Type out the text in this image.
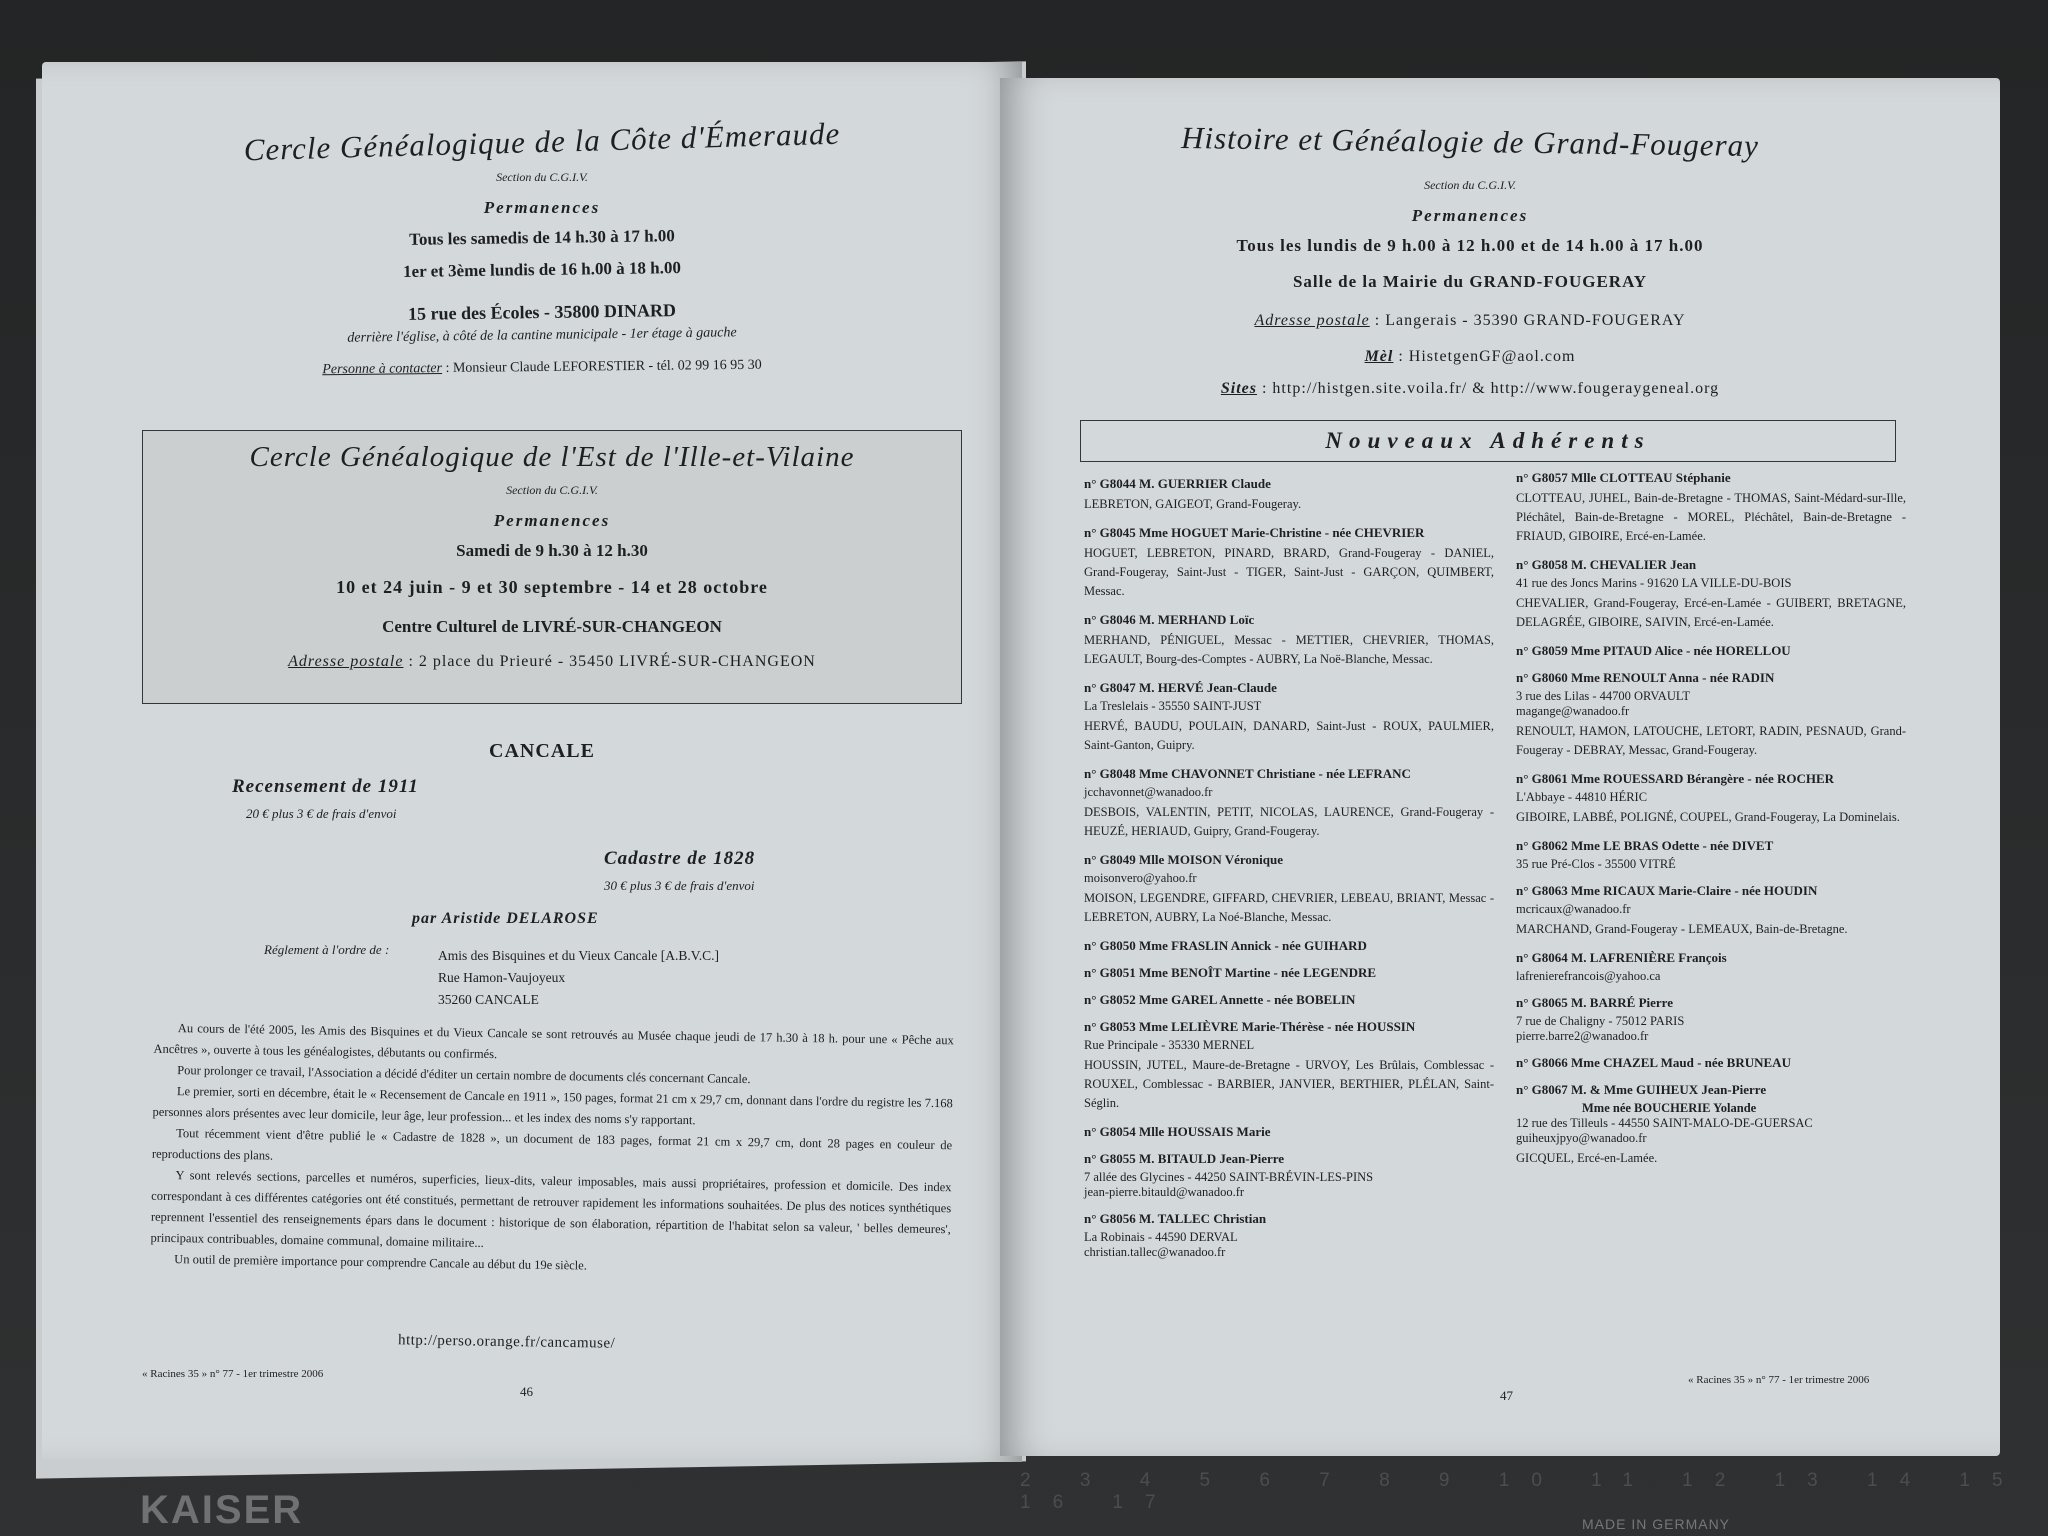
2 3 4 5 6 7 8 9 10 11 12 13 14 15 16 17
KAISER	MADE IN GERMANY
Cercle Généalogique de la Côte d'Émeraude
Section du C.G.I.V.
Permanences
Tous les samedis de 14 h.30 à 17 h.00
1er et 3ème lundis de 16 h.00 à 18 h.00
15 rue des Écoles - 35800 DINARD
derrière l'église, à côté de la cantine municipale - 1er étage à gauche
Personne à contacter : Monsieur Claude LEFORESTIER - tél. 02 99 16 95 30
Cercle Généalogique de l'Est de l'Ille-et-Vilaine
Section du C.G.I.V.
Permanences
Samedi de 9 h.30 à 12 h.30
10 et 24 juin - 9 et 30 septembre - 14 et 28 octobre
Centre Culturel de LIVRÉ-SUR-CHANGEON
Adresse postale : 2 place du Prieuré - 35450 LIVRÉ-SUR-CHANGEON
CANCALE
Recensement de 1911
20 € plus 3 € de frais d'envoi
Cadastre de 1828
30 € plus 3 € de frais d'envoi
par Aristide DELAROSE
Réglement à l'ordre de :	Amis des Bisquines et du Vieux Cancale [A.B.V.C.]
Rue Hamon-Vaujoyeux
35260 CANCALE

Au cours de l'été 2005, les Amis des Bisquines et du Vieux Cancale se sont retrouvés au Musée chaque jeudi de 17 h.30 à 18 h. pour une « Pêche aux Ancêtres », ouverte à tous les généalogistes, débutants ou confirmés.

Pour prolonger ce travail, l'Association a décidé d'éditer un certain nombre de documents clés concernant Cancale.

Le premier, sorti en décembre, était le « Recensement de Cancale en 1911 », 150 pages, format 21 cm x 29,7 cm, donnant dans l'ordre du registre les 7.168 personnes alors présentes avec leur domicile, leur âge, leur profession... et les index des noms s'y rapportant.

Tout récemment vient d'être publié le « Cadastre de 1828 », un document de 183 pages, format 21 cm x 29,7 cm, dont 28 pages en couleur de reproductions des plans.

Y sont relevés sections, parcelles et numéros, superficies, lieux-dits, valeur imposables, mais aussi propriétaires, profession et domicile. Des index correspondant à ces différentes catégories ont été constitués, permettant de retrouver rapidement les informations souhaitées. De plus des notices synthétiques reprennent l'essentiel des renseignements épars dans le document : historique de son élaboration, répartition de l'habitat selon sa valeur, ' belles demeures', principaux contribuables, domaine communal, domaine militaire...

Un outil de première importance pour comprendre Cancale au début du 19e siècle.

http://perso.orange.fr/cancamuse/
« Racines 35 » n° 77 - 1er trimestre 2006
46
Histoire et Généalogie de Grand-Fougeray
Section du C.G.I.V.
Permanences
Tous les lundis de 9 h.00 à 12 h.00 et de 14 h.00 à 17 h.00
Salle de la Mairie du GRAND-FOUGERAY
Adresse postale : Langerais - 35390 GRAND-FOUGERAY
Mèl : HistetgenGF@aol.com
Sites : http://histgen.site.voila.fr/ & http://www.fougeraygeneal.org
Nouveaux Adhérents
n° G8044 M. GUERRIER Claude
LEBRETON, GAIGEOT, Grand-Fougeray.
n° G8045 Mme HOGUET Marie-Christine - née CHEVRIER
HOGUET, LEBRETON, PINARD, BRARD, Grand-Fougeray - DANIEL, Grand-Fougeray, Saint-Just - TIGER, Saint-Just - GARÇON, QUIMBERT, Messac.
n° G8046 M. MERHAND Loïc
MERHAND, PÉNIGUEL, Messac - METTIER, CHEVRIER, THOMAS, LEGAULT, Bourg-des-Comptes - AUBRY, La Noë-Blanche, Messac.
n° G8047 M. HERVÉ Jean-Claude
La Treslelais - 35550 SAINT-JUST
HERVÉ, BAUDU, POULAIN, DANARD, Saint-Just - ROUX, PAULMIER, Saint-Ganton, Guipry.
n° G8048 Mme CHAVONNET Christiane - née LEFRANC
jcchavonnet@wanadoo.fr
DESBOIS, VALENTIN, PETIT, NICOLAS, LAURENCE, Grand-Fougeray - HEUZÉ, HERIAUD, Guipry, Grand-Fougeray.
n° G8049 Mlle MOISON Véronique
moisonvero@yahoo.fr
MOISON, LEGENDRE, GIFFARD, CHEVRIER, LEBEAU, BRIANT, Messac - LEBRETON, AUBRY, La Noé-Blanche, Messac.
n° G8050 Mme FRASLIN Annick - née GUIHARD
n° G8051 Mme BENOÎT Martine - née LEGENDRE
n° G8052 Mme GAREL Annette - née BOBELIN
n° G8053 Mme LELIÈVRE Marie-Thérèse - née HOUSSIN
Rue Principale - 35330 MERNEL
HOUSSIN, JUTEL, Maure-de-Bretagne - URVOY, Les Brûlais, Comblessac - ROUXEL, Comblessac - BARBIER, JANVIER, BERTHIER, PLÉLAN, Saint-Séglin.
n° G8054 Mlle HOUSSAIS Marie
n° G8055 M. BITAULD Jean-Pierre
7 allée des Glycines - 44250 SAINT-BRÉVIN-LES-PINS
jean-pierre.bitauld@wanadoo.fr
n° G8056 M. TALLEC Christian
La Robinais - 44590 DERVAL
christian.tallec@wanadoo.fr
n° G8057 Mlle CLOTTEAU Stéphanie
CLOTTEAU, JUHEL, Bain-de-Bretagne - THOMAS, Saint-Médard-sur-Ille, Pléchâtel, Bain-de-Bretagne - MOREL, Pléchâtel, Bain-de-Bretagne - FRIAUD, GIBOIRE, Ercé-en-Lamée.
n° G8058 M. CHEVALIER Jean
41 rue des Joncs Marins - 91620 LA VILLE-DU-BOIS
CHEVALIER, Grand-Fougeray, Ercé-en-Lamée - GUIBERT, BRETAGNE, DELAGRÉE, GIBOIRE, SAIVIN, Ercé-en-Lamée.
n° G8059 Mme PITAUD Alice - née HORELLOU
n° G8060 Mme RENOULT Anna - née RADIN
3 rue des Lilas - 44700 ORVAULT
magange@wanadoo.fr
RENOULT, HAMON, LATOUCHE, LETORT, RADIN, PESNAUD, Grand-Fougeray - DEBRAY, Messac, Grand-Fougeray.
n° G8061 Mme ROUESSARD Bérangère - née ROCHER
L'Abbaye - 44810 HÉRIC
GIBOIRE, LABBÉ, POLIGNÉ, COUPEL, Grand-Fougeray, La Dominelais.
n° G8062 Mme LE BRAS Odette - née DIVET
35 rue Pré-Clos - 35500 VITRÉ
n° G8063 Mme RICAUX Marie-Claire - née HOUDIN
mcricaux@wanadoo.fr
MARCHAND, Grand-Fougeray - LEMEAUX, Bain-de-Bretagne.
n° G8064 M. LAFRENIÈRE François
lafrenierefrancois@yahoo.ca
n° G8065 M. BARRÉ Pierre
7 rue de Chaligny - 75012 PARIS
pierre.barre2@wanadoo.fr
n° G8066 Mme CHAZEL Maud - née BRUNEAU
n° G8067 M. & Mme GUIHEUX Jean-Pierre
Mme née BOUCHERIE Yolande
12 rue des Tilleuls - 44550 SAINT-MALO-DE-GUERSAC
guiheuxjpyo@wanadoo.fr
GICQUEL, Ercé-en-Lamée.
« Racines 35 » n° 77 - 1er trimestre 2006
47
